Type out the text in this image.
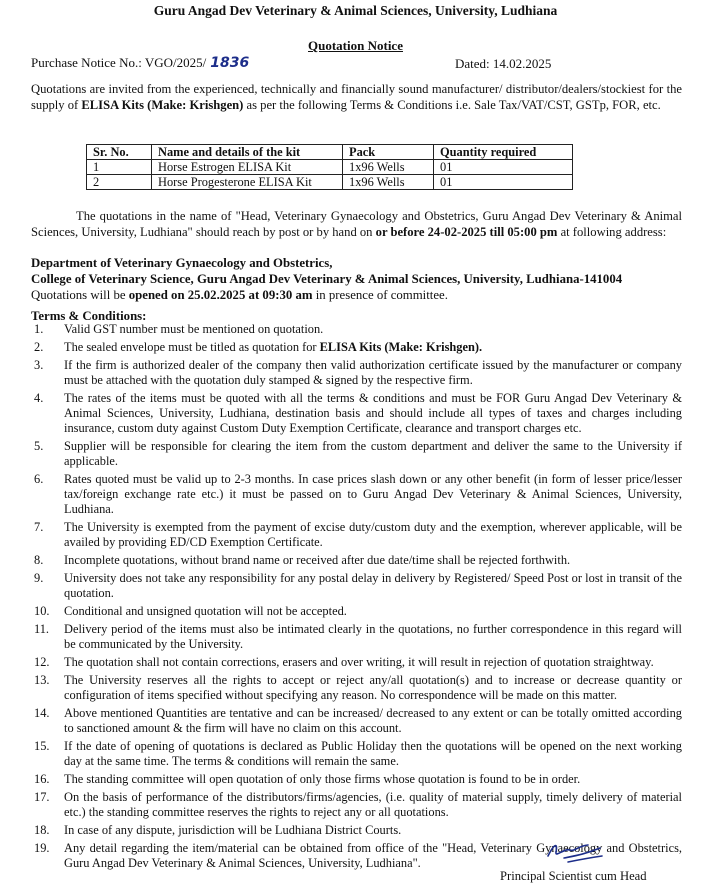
Guru Angad Dev Veterinary & Animal Sciences, University, Ludhiana
Quotation Notice
Purchase Notice No.: VGO/2025/ 1836	Dated: 14.02.2025
Quotations are invited from the experienced, technically and financially sound manufacturer/ distributor/dealers/stockiest for the supply of ELISA Kits (Make: Krishgen) as per the following Terms & Conditions i.e. Sale Tax/VAT/CST, GSTp, FOR, etc.
Sr. No.	Name and details of the kit	Pack	Quantity required
1	Horse Estrogen ELISA Kit	1x96 Wells	01
2	Horse Progesterone ELISA Kit	1x96 Wells	01
The quotations in the name of "Head, Veterinary Gynaecology and Obstetrics, Guru Angad Dev Veterinary & Animal Sciences, University, Ludhiana" should reach by post or by hand on or before 24-02-2025 till 05:00 pm at following address:
Department of Veterinary Gynaecology and Obstetrics,
College of Veterinary Science, Guru Angad Dev Veterinary & Animal Sciences, University, Ludhiana-141004
Quotations will be opened on 25.02.2025 at 09:30 am in presence of committee.
Terms & Conditions:
1. Valid GST number must be mentioned on quotation.
2. The sealed envelope must be titled as quotation for ELISA Kits (Make: Krishgen).
3. If the firm is authorized dealer of the company then valid authorization certificate issued by the manufacturer or company must be attached with the quotation duly stamped & signed by the respective firm.
4. The rates of the items must be quoted with all the terms & conditions and must be FOR Guru Angad Dev Veterinary & Animal Sciences, University, Ludhiana, destination basis and should include all types of taxes and charges including insurance, custom duty against Custom Duty Exemption Certificate, clearance and transport charges etc.
5. Supplier will be responsible for clearing the item from the custom department and deliver the same to the University if applicable.
6. Rates quoted must be valid up to 2-3 months. In case prices slash down or any other benefit (in form of lesser price/lesser tax/foreign exchange rate etc.) it must be passed on to Guru Angad Dev Veterinary & Animal Sciences, University, Ludhiana.
7. The University is exempted from the payment of excise duty/custom duty and the exemption, wherever applicable, will be availed by providing ED/CD Exemption Certificate.
8. Incomplete quotations, without brand name or received after due date/time shall be rejected forthwith.
9. University does not take any responsibility for any postal delay in delivery by Registered/ Speed Post or lost in transit of the quotation.
10. Conditional and unsigned quotation will not be accepted.
11. Delivery period of the items must also be intimated clearly in the quotations, no further correspondence in this regard will be communicated by the University.
12. The quotation shall not contain corrections, erasers and over writing, it will result in rejection of quotation straightway.
13. The University reserves all the rights to accept or reject any/all quotation(s) and to increase or decrease quantity or configuration of items specified without specifying any reason. No correspondence will be made on this matter.
14. Above mentioned Quantities are tentative and can be increased/ decreased to any extent or can be totally omitted according to sanctioned amount & the firm will have no claim on this account.
15. If the date of opening of quotations is declared as Public Holiday then the quotations will be opened on the next working day at the same time. The terms & conditions will remain the same.
16. The standing committee will open quotation of only those firms whose quotation is found to be in order.
17. On the basis of performance of the distributors/firms/agencies, (i.e. quality of material supply, timely delivery of material etc.) the standing committee reserves the rights to reject any or all quotations.
18. In case of any dispute, jurisdiction will be Ludhiana District Courts.
19. Any detail regarding the item/material can be obtained from office of the "Head, Veterinary Gynaecology and Obstetrics, Guru Angad Dev Veterinary & Animal Sciences, University, Ludhiana".
Principal Scientist cum Head
